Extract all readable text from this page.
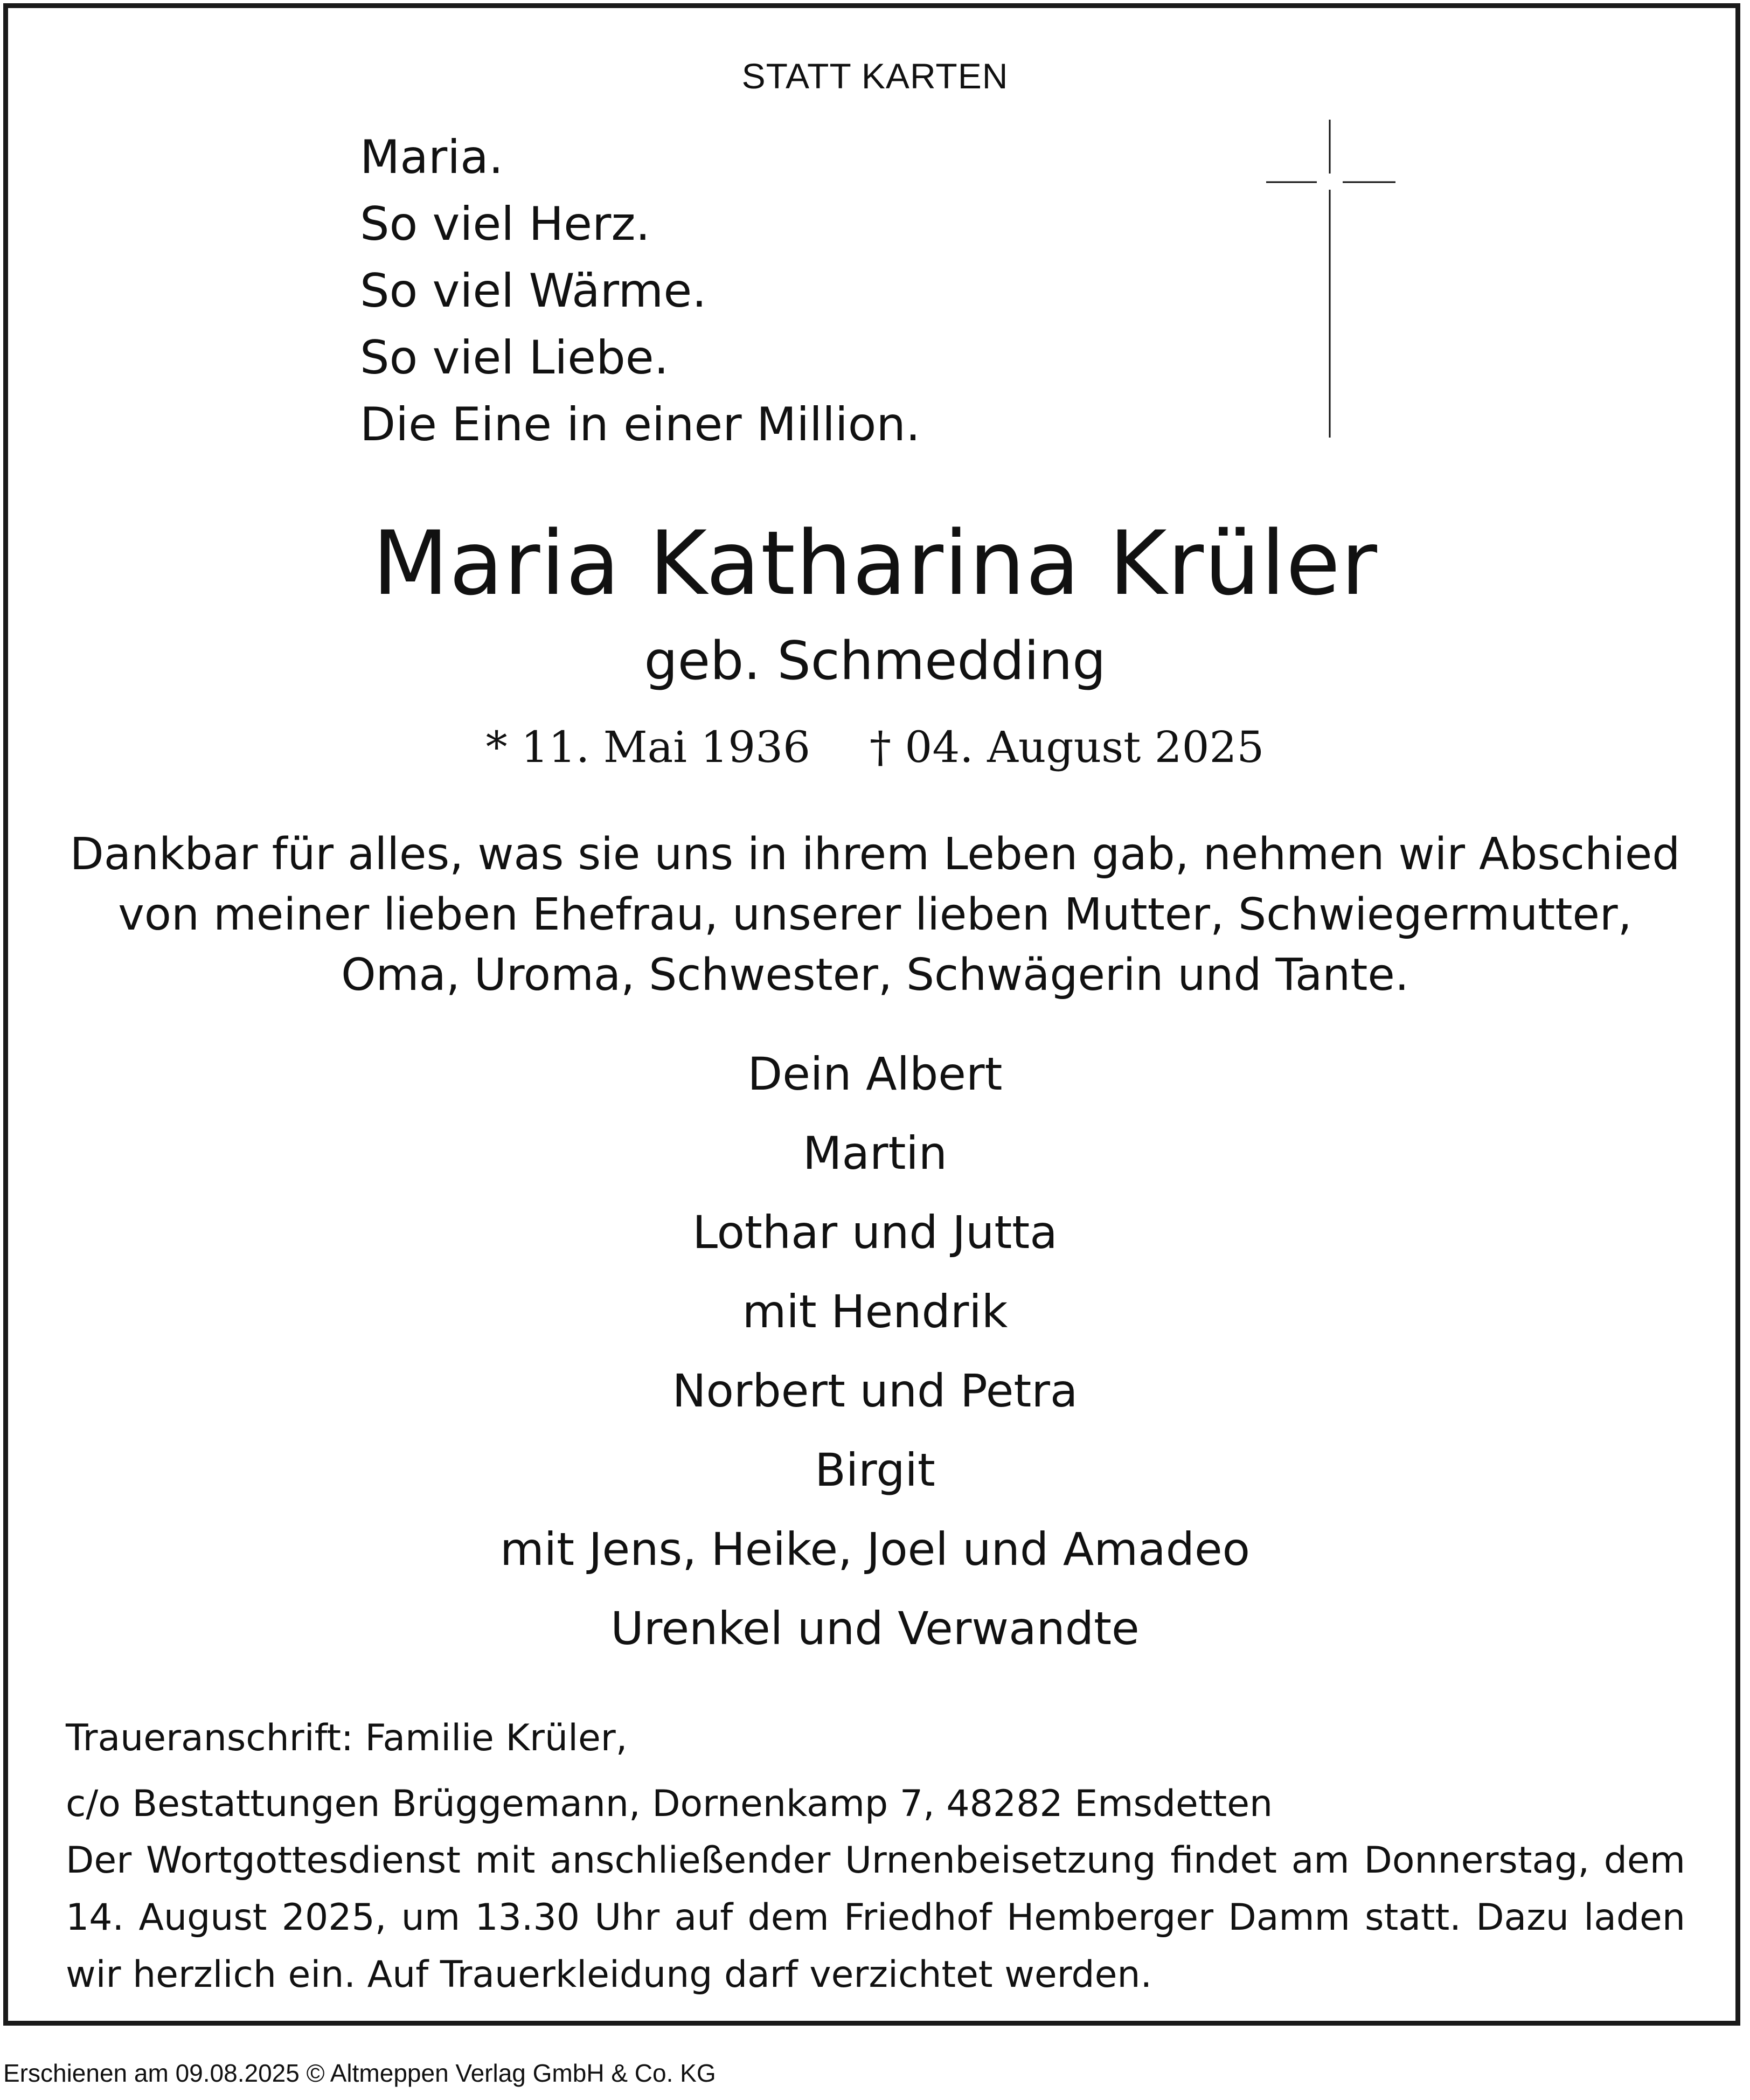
STATT KARTEN
Maria.
So viel Herz.
So viel Wärme.
So viel Liebe.
Die Eine in einer Million.
Maria Katharina Krüler
geb. Schmedding
* 11. Mai 1936 † 04. August 2025
Dankbar für alles, was sie uns in ihrem Leben gab, nehmen wir Abschied von meiner lieben Ehefrau, unserer lieben Mutter, Schwiegermutter, Oma, Uroma, Schwester, Schwägerin und Tante.
Dein Albert
Martin
Lothar und Jutta
mit Hendrik
Norbert und Petra
Birgit
mit Jens, Heike, Joel und Amadeo
Urenkel und Verwandte
Traueranschrift: Familie Krüler,
c/o Bestattungen Brüggemann, Dornenkamp 7, 48282 Emsdetten
Der Wortgottesdienst mit anschließender Urnenbeisetzung findet am Donnerstag, dem 14. August 2025, um 13.30 Uhr auf dem Friedhof Hemberger Damm statt. Dazu laden wir herzlich ein. Auf Trauerkleidung darf verzichtet werden.
Erschienen am 09.08.2025 © Altmeppen Verlag GmbH & Co. KG
